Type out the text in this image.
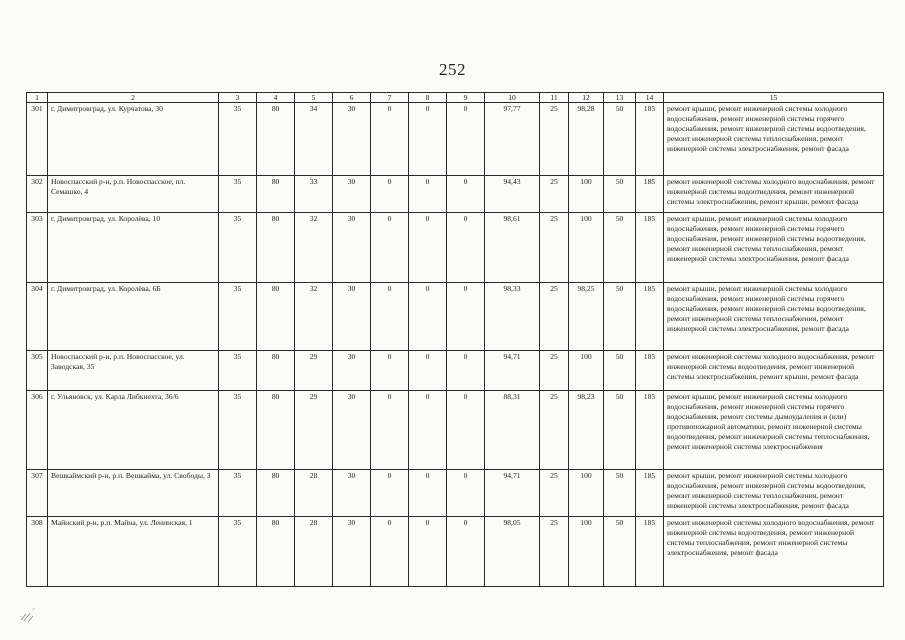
252
1	2	3	4	5	6	7	8	9	10	11	12	13	14	15
301	г. Димитровград, ул. Курчатова, 30	35	80	34	30	0	0	0	97,77	25	98,28	50	185	ремонт крыши, ремонт инженерной системы холодного водоснабжения, ремонт инженерной системы горячего водоснабжения, ремонт инженерной системы водоотведения, ремонт инженерной системы теплоснабжения, ремонт инженерной системы электроснабжения, ремонт фасада
302	Новоспасский р-н, р.п. Новоспасское, пл. Семашко, 4	35	80	33	30	0	0	0	94,43	25	100	50	185	ремонт инженерной системы холодного водоснабжения, ремонт инженерной системы водоотведения, ремонт инженерной системы электроснабжения, ремонт крыши, ремонт фасада
303	г. Димитровград, ул. Королёва, 10	35	80	32	30	0	0	0	98,61	25	100	50	185	ремонт крыши, ремонт инженерной системы холодного водоснабжения, ремонт инженерной системы горячего водоснабжения, ремонт инженерной системы водоотведения, ремонт инженерной системы теплоснабжения, ремонт инженерной системы электроснабжения, ремонт фасада
304	г. Димитровград, ул. Королёва, 6Б	35	80	32	30	0	0	0	98,33	25	98,25	50	185	ремонт крыши, ремонт инженерной системы холодного водоснабжения, ремонт инженерной системы горячего водоснабжения, ремонт инженерной системы водоотведения, ремонт инженерной системы теплоснабжения, ремонт инженерной системы электроснабжения, ремонт фасада
305	Новоспасский р-н, р.п. Новоспасское, ул. Заводская, 35	35	80	29	30	0	0	0	94,71	25	100	50	185	ремонт инженерной системы холодного водоснабжения, ремонт инженерной системы водоотведения, ремонт инженерной системы электроснабжения, ремонт крыши, ремонт фасада
306	г. Ульяновск, ул. Карла Либкнехта, 36/6	35	80	29	30	0	0	0	88,31	25	98,23	50	185	ремонт крыши, ремонт инженерной системы холодного водоснабжения, ремонт инженерной системы горячего водоснабжения, ремонт системы дымоудаления и (или) противопожарной автоматики, ремонт инженерной системы водоотведения, ремонт инженерной системы теплоснабжения, ремонт инженерной системы электроснабжения
307	Вешкаймский р-н, р.п. Вешкайма, ул. Свободы, 3	35	80	28	30	0	0	0	94,71	25	100	50	185	ремонт крыши, ремонт инженерной системы холодного водоснабжения, ремонт инженерной системы водоотведения, ремонт инженерной системы теплоснабжения, ремонт инженерной системы электроснабжения, ремонт фасада
308	Майнский р-н, р.п. Майна, ул. Ленинская, 1	35	80	28	30	0	0	0	98,05	25	100	50	185	ремонт инженерной системы холодного водоснабжения, ремонт инженерной системы водоотведения, ремонт инженерной системы теплоснабжения, ремонт инженерной системы электроснабжения, ремонт фасада
